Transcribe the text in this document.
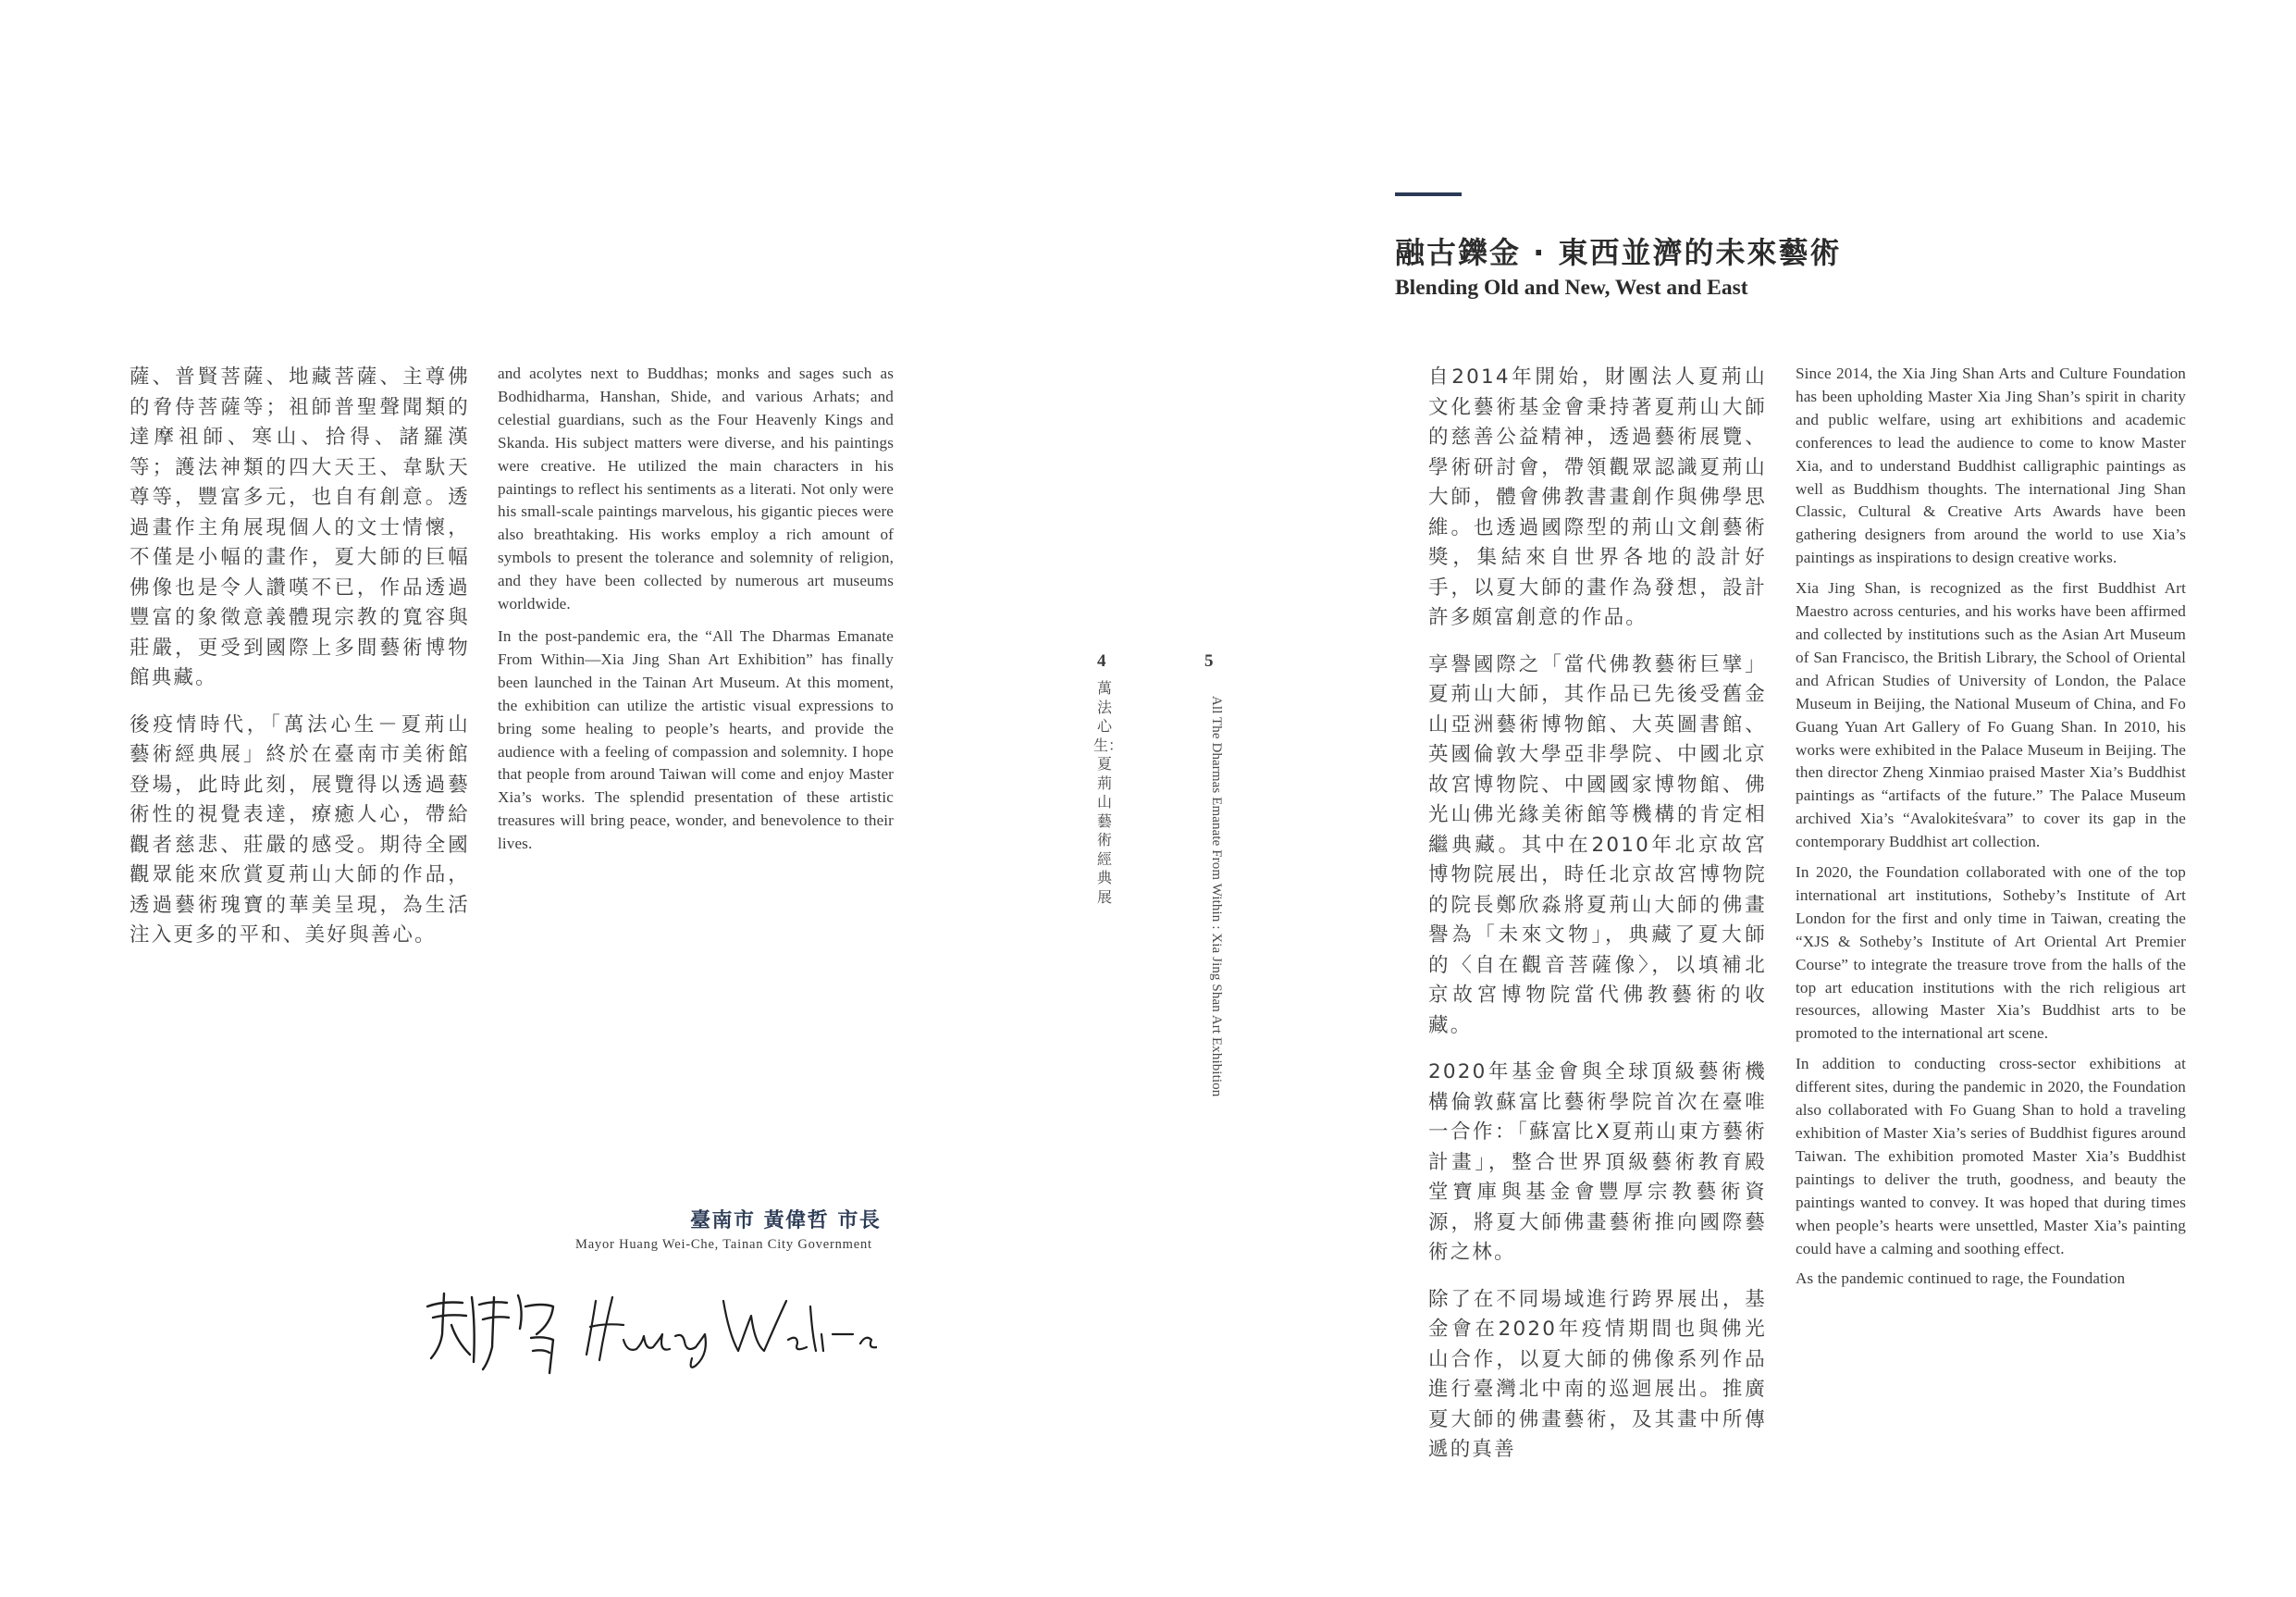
薩、普賢菩薩、地藏菩薩、主尊佛的脅侍菩薩等；祖師普聖聲聞類的達摩祖師、寒山、拾得、諸羅漢等；護法神類的四大天王、韋馱天尊等，豐富多元，也自有創意。透過畫作主角展現個人的文士情懷，不僅是小幅的畫作，夏大師的巨幅佛像也是令人讚嘆不已，作品透過豐富的象徵意義體現宗教的寬容與莊嚴，更受到國際上多間藝術博物館典藏。

後疫情時代，「萬法心生－夏荊山藝術經典展」終於在臺南市美術館登場，此時此刻，展覽得以透過藝術性的視覺表達，療癒人心，帶給觀者慈悲、莊嚴的感受。期待全國觀眾能來欣賞夏荊山大師的作品，透過藝術瑰寶的華美呈現，為生活注入更多的平和、美好與善心。

and acolytes next to Buddhas; monks and sages such as Bodhidharma, Hanshan, Shide, and various Arhats; and celestial guardians, such as the Four Heavenly Kings and Skanda. His subject matters were diverse, and his paintings were creative. He utilized the main characters in his paintings to reflect his sentiments as a literati. Not only were his small-scale paintings marvelous, his gigantic pieces were also breathtaking. His works employ a rich amount of symbols to present the tolerance and solemnity of religion, and they have been collected by numerous art museums worldwide.

In the post-pandemic era, the “All The Dharmas Emanate From Within—Xia Jing Shan Art Exhibition” has finally been launched in the Tainan Art Museum. At this moment, the exhibition can utilize the artistic visual expressions to bring some healing to people’s hearts, and provide the audience with a feeling of compassion and solemnity. I hope that people from around Taiwan will come and enjoy Master Xia’s works. The splendid presentation of these artistic treasures will bring peace, wonder, and benevolence to their lives.

臺南市 黃偉哲 市長
Mayor Huang Wei-Che, Tainan City Government
Huang Wei-che
4
萬法心生：夏荊山藝術經典展
5
All The Dharmas Emanate From Within : Xia Jing Shan Art Exhibition
融古鑠金 · 東西並濟的未來藝術
Blending Old and New, West and East

自2014年開始，財團法人夏荊山文化藝術基金會秉持著夏荊山大師的慈善公益精神，透過藝術展覽、學術研討會，帶領觀眾認識夏荊山大師，體會佛教書畫創作與佛學思維。也透過國際型的荊山文創藝術獎，集結來自世界各地的設計好手，以夏大師的畫作為發想，設計許多頗富創意的作品。

享譽國際之「當代佛教藝術巨擘」夏荊山大師，其作品已先後受舊金山亞洲藝術博物館、大英圖書館、英國倫敦大學亞非學院、中國北京故宮博物院、中國國家博物館、佛光山佛光緣美術館等機構的肯定相繼典藏。其中在2010年北京故宮博物院展出，時任北京故宮博物院的院長鄭欣淼將夏荊山大師的佛畫譽為「未來文物」，典藏了夏大師的〈自在觀音菩薩像〉，以填補北京故宮博物院當代佛教藝術的收藏。

2020年基金會與全球頂級藝術機構倫敦蘇富比藝術學院首次在臺唯一合作：「蘇富比X夏荊山東方藝術計畫」，整合世界頂級藝術教育殿堂寶庫與基金會豐厚宗教藝術資源，將夏大師佛畫藝術推向國際藝術之林。

除了在不同場域進行跨界展出，基金會在2020年疫情期間也與佛光山合作，以夏大師的佛像系列作品進行臺灣北中南的巡迴展出。推廣夏大師的佛畫藝術，及其畫中所傳遞的真善

Since 2014, the Xia Jing Shan Arts and Culture Foundation has been upholding Master Xia Jing Shan’s spirit in charity and public welfare, using art exhibitions and academic conferences to lead the audience to come to know Master Xia, and to understand Buddhist calligraphic paintings as well as Buddhism thoughts. The international Jing Shan Classic, Cultural & Creative Arts Awards have been gathering designers from around the world to use Xia’s paintings as inspirations to design creative works.

Xia Jing Shan, is recognized as the first Buddhist Art Maestro across centuries, and his works have been affirmed and collected by institutions such as the Asian Art Museum of San Francisco, the British Library, the School of Oriental and African Studies of University of London, the Palace Museum in Beijing, the National Museum of China, and Fo Guang Yuan Art Gallery of Fo Guang Shan. In 2010, his works were exhibited in the Palace Museum in Beijing. The then director Zheng Xinmiao praised Master Xia’s Buddhist paintings as “artifacts of the future.” The Palace Museum archived Xia’s “Avalokiteśvara” to cover its gap in the contemporary Buddhist art collection.

In 2020, the Foundation collaborated with one of the top international art institutions, Sotheby’s Institute of Art London for the first and only time in Taiwan, creating the “XJS & Sotheby’s Institute of Art Oriental Art Premier Course” to integrate the treasure trove from the halls of the top art education institutions with the rich religious art resources, allowing Master Xia’s Buddhist arts to be promoted to the international art scene.

In addition to conducting cross-sector exhibitions at different sites, during the pandemic in 2020, the Foundation also collaborated with Fo Guang Shan to hold a traveling exhibition of Master Xia’s series of Buddhist figures around Taiwan. The exhibition promoted Master Xia’s Buddhist paintings to deliver the truth, goodness, and beauty the paintings wanted to convey. It was hoped that during times when people’s hearts were unsettled, Master Xia’s painting could have a calming and soothing effect.

As the pandemic continued to rage, the Foundation
